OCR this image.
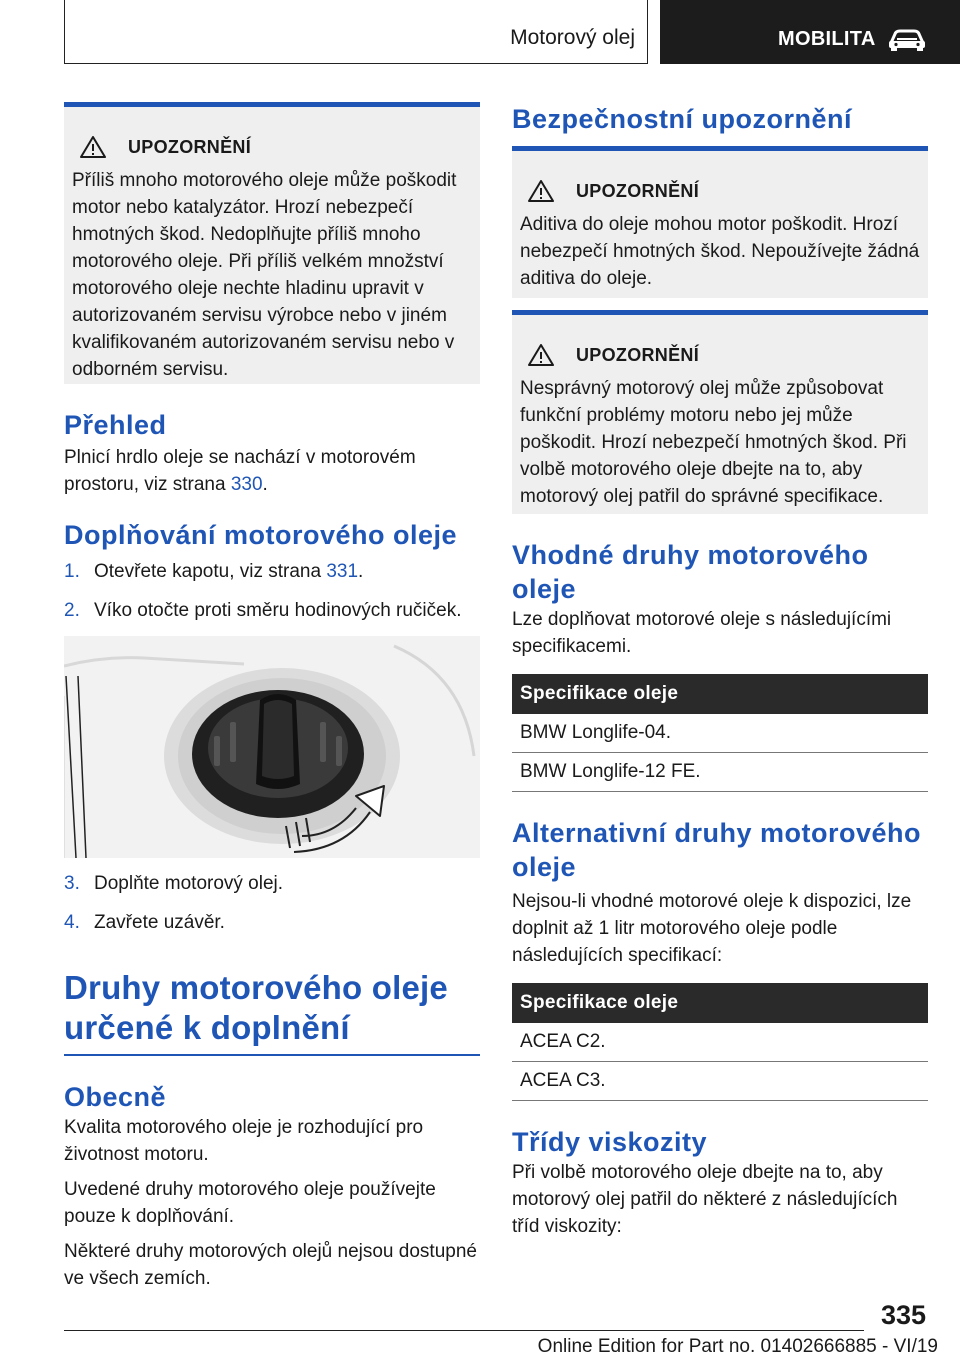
Motorový olej	MOBILITA
UPOZORNĚNÍ

Příliš mnoho motorového oleje může poškodit motor nebo katalyzátor. Hrozí nebezpečí hmotných škod. Nedoplňujte příliš mnoho motorového oleje. Při příliš velkém množství motorového oleje nechte hladinu upravit v autorizovaném servisu výrobce nebo v jiném kvalifikovaném autorizovaném servisu nebo v odborném servisu.

Přehled

Plnicí hrdlo oleje se nachází v motorovém prostoru, viz strana 330.

Doplňování motorového oleje
1. Otevřete kapotu, viz strana 331.
2. Víko otočte proti směru hodinových ručiček.
3. Doplňte motorový olej.
4. Zavřete uzávěr.
Druhy motorového oleje určené k doplnění
Obecně

Kvalita motorového oleje je rozhodující pro životnost motoru.

Uvedené druhy motorového oleje používejte pouze k doplňování.

Některé druhy motorových olejů nejsou dostupné ve všech zemích.

Bezpečnostní upozornění
UPOZORNĚNÍ

Aditiva do oleje mohou motor poškodit. Hrozí nebezpečí hmotných škod. Nepoužívejte žádná aditiva do oleje.

UPOZORNĚNÍ

Nesprávný motorový olej může způsobovat funkční problémy motoru nebo jej může poškodit. Hrozí nebezpečí hmotných škod. Při volbě motorového oleje dbejte na to, aby motorový olej patřil do správné specifikace.

Vhodné druhy motorového oleje

Lze doplňovat motorové oleje s následujícími specifikacemi.

Specifikace oleje
BMW Longlife-04.
BMW Longlife-12 FE.
Alternativní druhy motorového oleje

Nejsou-li vhodné motorové oleje k dispozici, lze doplnit až 1 litr motorového oleje podle následujících specifikací:

Specifikace oleje
ACEA C2.
ACEA C3.
Třídy viskozity

Při volbě motorového oleje dbejte na to, aby motorový olej patřil do některé z následujících tříd viskozity:

335
Online Edition for Part no. 01402666885 - VI/19
